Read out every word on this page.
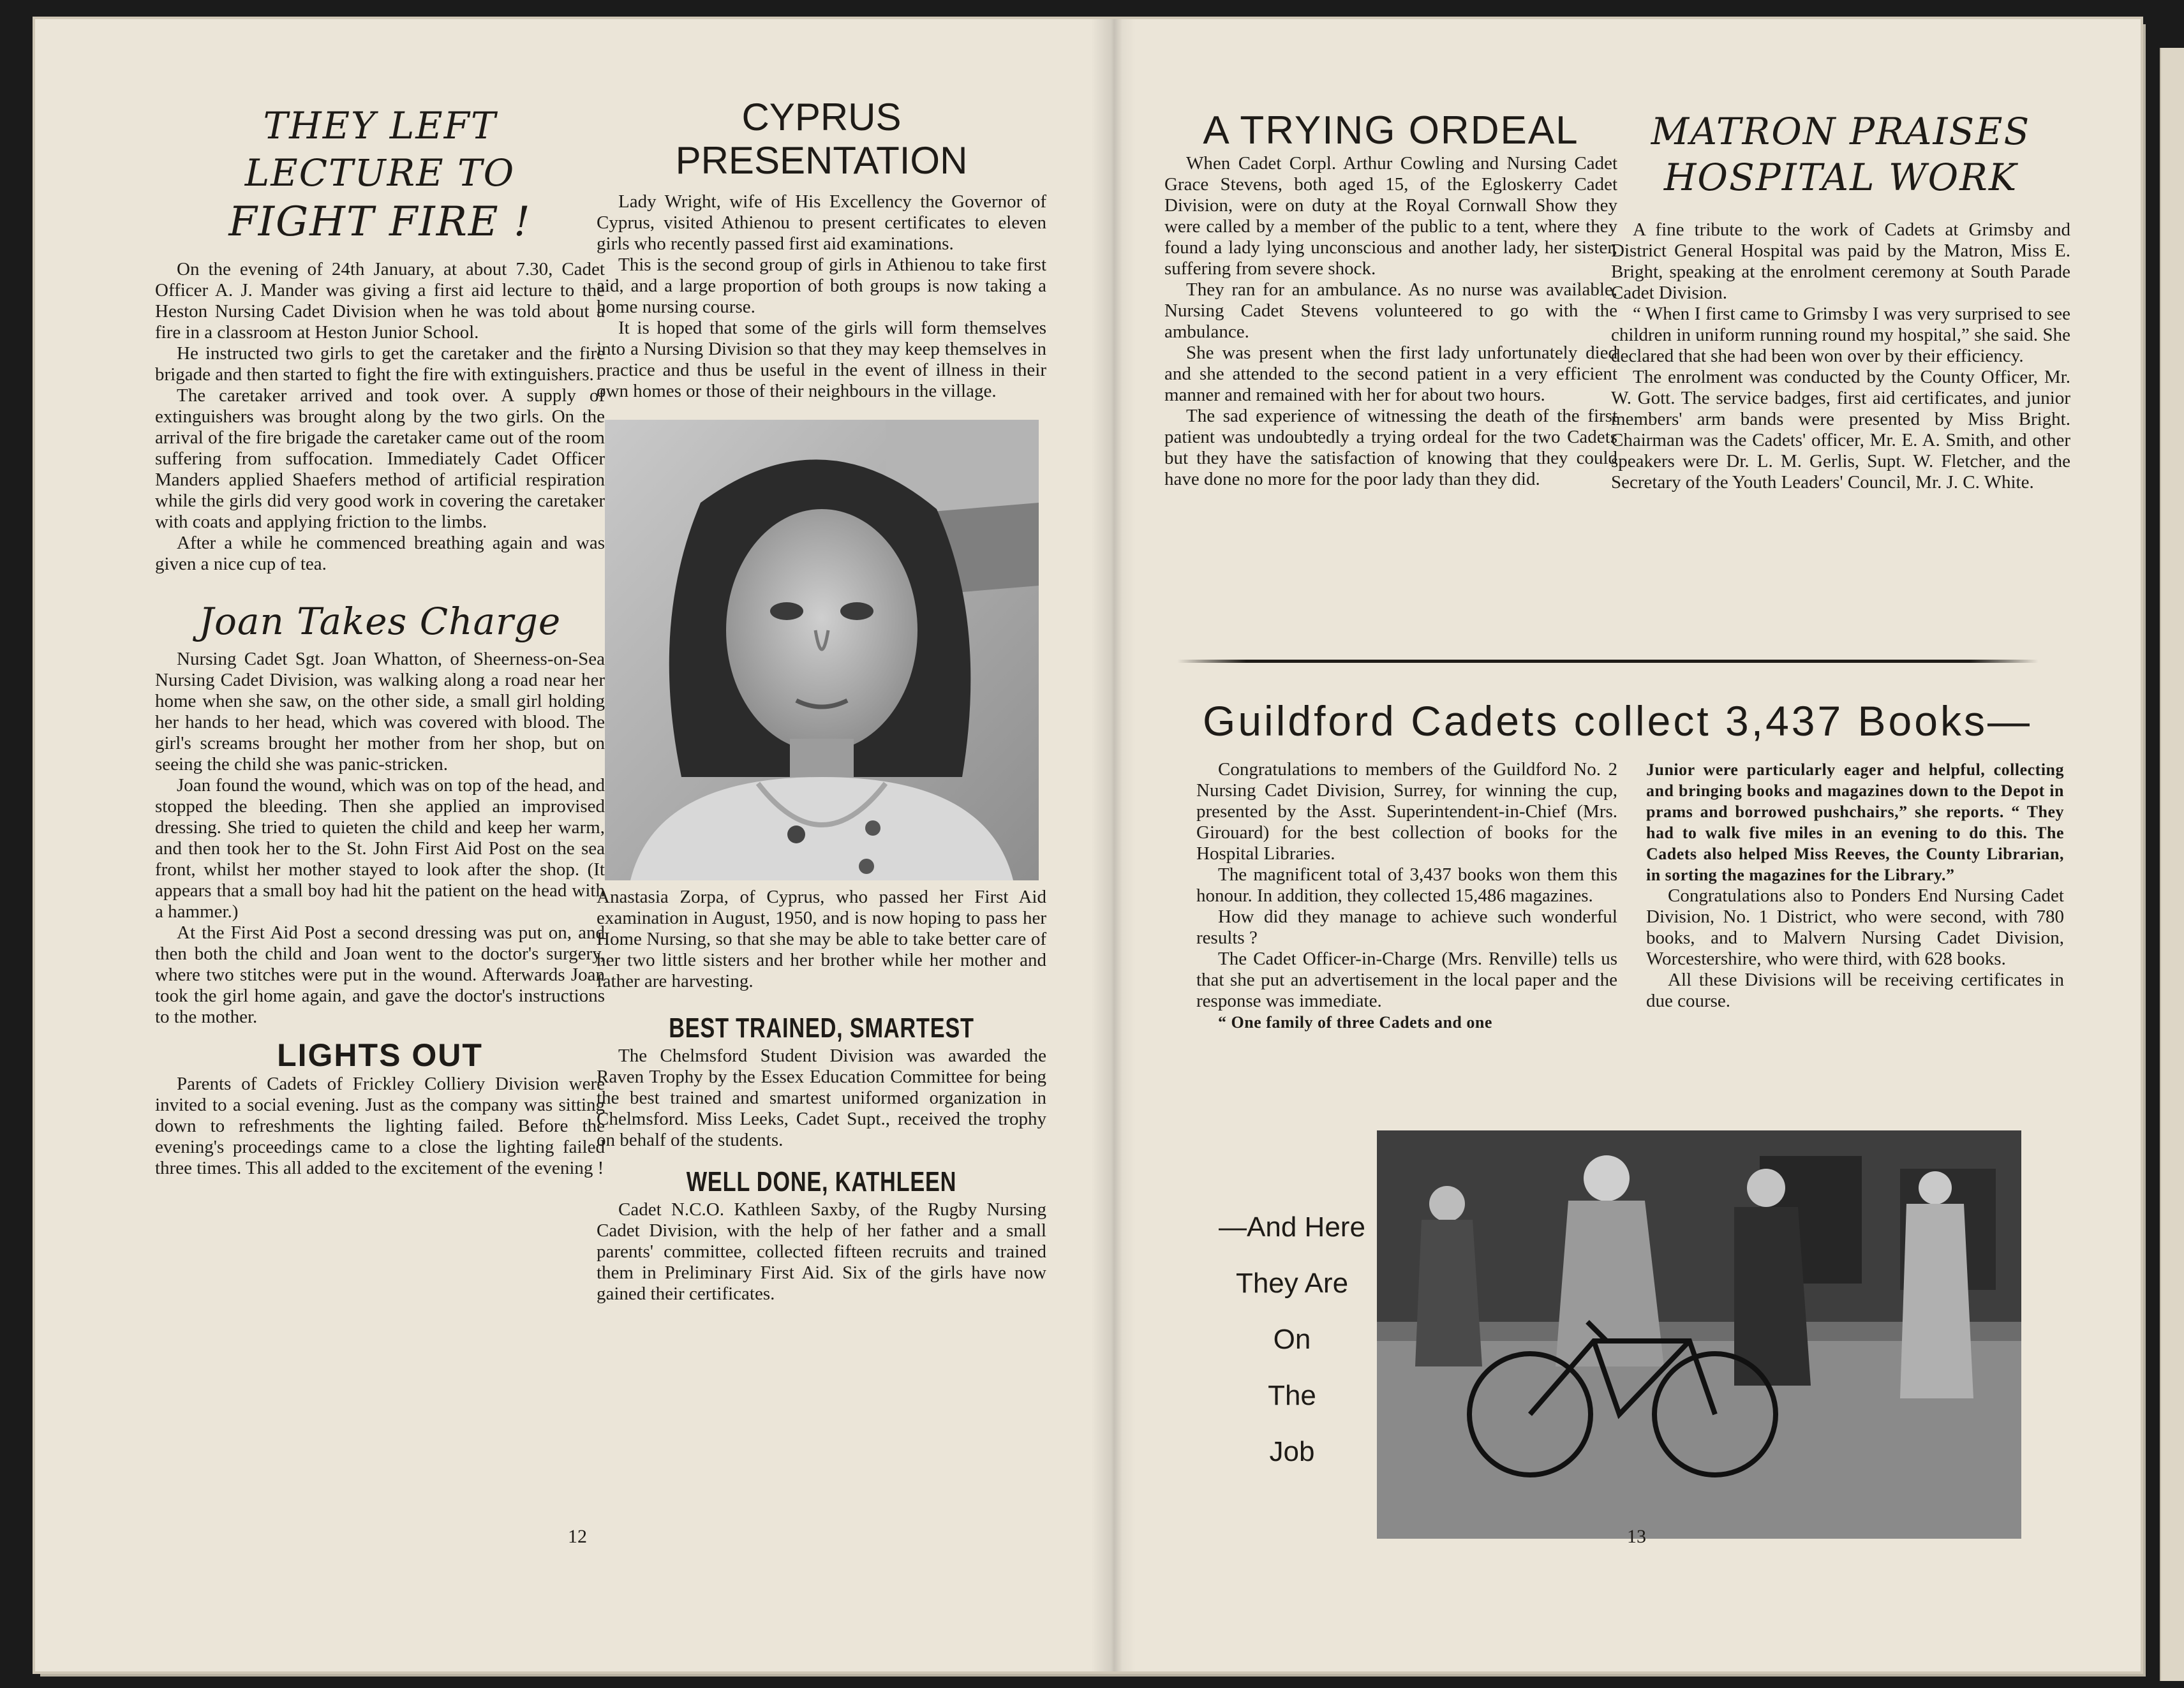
THEY LEFT
LECTURE TO
FIGHT FIRE !

On the evening of 24th January, at about 7.30, Cadet Officer A. J. Mander was giving a first aid lecture to the Heston Nursing Cadet Division when he was told about a fire in a classroom at Heston Junior School.

He instructed two girls to get the caretaker and the fire brigade and then started to fight the fire with extinguishers.

The caretaker arrived and took over. A supply of extinguishers was brought along by the two girls. On the arrival of the fire brigade the caretaker came out of the room suffering from suffocation. Immediately Cadet Officer Manders applied Shaefers method of artificial respiration while the girls did very good work in covering the caretaker with coats and applying friction to the limbs.

After a while he commenced breathing again and was given a nice cup of tea.

Joan Takes Charge

Nursing Cadet Sgt. Joan Whatton, of Sheerness-on-Sea Nursing Cadet Division, was walking along a road near her home when she saw, on the other side, a small girl holding her hands to her head, which was covered with blood. The girl's screams brought her mother from her shop, but on seeing the child she was panic-stricken.

Joan found the wound, which was on top of the head, and stopped the bleeding. Then she applied an improvised dressing. She tried to quieten the child and keep her warm, and then took her to the St. John First Aid Post on the sea front, whilst her mother stayed to look after the shop. (It appears that a small boy had hit the patient on the head with a hammer.)

At the First Aid Post a second dressing was put on, and then both the child and Joan went to the doctor's surgery, where two stitches were put in the wound. Afterwards Joan took the girl home again, and gave the doctor's instructions to the mother.

LIGHTS OUT

Parents of Cadets of Frickley Colliery Division were invited to a social evening. Just as the company was sitting down to refreshments the lighting failed. Before the evening's proceedings came to a close the lighting failed three times. This all added to the excitement of the evening !

CYPRUS
PRESENTATION

Lady Wright, wife of His Excellency the Governor of Cyprus, visited Athienou to present certificates to eleven girls who recently passed first aid examinations.

This is the second group of girls in Athienou to take first aid, and a large proportion of both groups is now taking a home nursing course.

It is hoped that some of the girls will form themselves into a Nursing Division so that they may keep themselves in practice and thus be useful in the event of illness in their own homes or those of their neighbours in the village.

Anastasia Zorpa, of Cyprus, who passed her First Aid examination in August, 1950, and is now hoping to pass her Home Nursing, so that she may be able to take better care of her two little sisters and her brother while her mother and father are harvesting.

BEST TRAINED, SMARTEST

The Chelmsford Student Division was awarded the Raven Trophy by the Essex Education Committee for being the best trained and smartest uniformed organization in Chelmsford. Miss Leeks, Cadet Supt., received the trophy on behalf of the students.

WELL DONE, KATHLEEN

Cadet N.C.O. Kathleen Saxby, of the Rugby Nursing Cadet Division, with the help of her father and a small parents' committee, collected fifteen recruits and trained them in Preliminary First Aid. Six of the girls have now gained their certificates.

12
A TRYING ORDEAL

When Cadet Corpl. Arthur Cowling and Nursing Cadet Grace Stevens, both aged 15, of the Egloskerry Cadet Division, were on duty at the Royal Cornwall Show they were called by a member of the public to a tent, where they found a lady lying unconscious and another lady, her sister, suffering from severe shock.

They ran for an ambulance. As no nurse was available, Nursing Cadet Stevens volunteered to go with the ambulance.

She was present when the first lady unfortunately died and she attended to the second patient in a very efficient manner and remained with her for about two hours.

The sad experience of witnessing the death of the first patient was undoubtedly a trying ordeal for the two Cadets but they have the satisfaction of knowing that they could have done no more for the poor lady than they did.

MATRON PRAISES
HOSPITAL WORK

A fine tribute to the work of Cadets at Grimsby and District General Hospital was paid by the Matron, Miss E. Bright, speaking at the enrolment ceremony at South Parade Cadet Division.

“ When I first came to Grimsby I was very surprised to see children in uniform running round my hospital,” she said. She declared that she had been won over by their efficiency.

The enrolment was conducted by the County Officer, Mr. W. Gott. The service badges, first aid certificates, and junior members' arm bands were presented by Miss Bright. Chairman was the Cadets' officer, Mr. E. A. Smith, and other speakers were Dr. L. M. Gerlis, Supt. W. Fletcher, and the Secretary of the Youth Leaders' Council, Mr. J. C. White.

Guildford Cadets collect 3,437 Books—

Congratulations to members of the Guildford No. 2 Nursing Cadet Division, Surrey, for winning the cup, presented by the Asst. Superintendent-in-Chief (Mrs. Girouard) for the best collection of books for the Hospital Libraries.

The magnificent total of 3,437 books won them this honour. In addition, they collected 15,486 magazines.

How did they manage to achieve such wonderful results ?

The Cadet Officer-in-Charge (Mrs. Renville) tells us that she put an advertisement in the local paper and the response was immediate.

“ One family of three Cadets and one

Junior were particularly eager and helpful, collecting and bringing books and magazines down to the Depot in prams and borrowed pushchairs,” she reports. “ They had to walk five miles in an evening to do this. The Cadets also helped Miss Reeves, the County Librarian, in sorting the magazines for the Library.”

Congratulations also to Ponders End Nursing Cadet Division, No. 1 District, who were second, with 780 books, and to Malvern Nursing Cadet Division, Worcestershire, who were third, with 628 books.

All these Divisions will be receiving certificates in due course.

—And Here
They Are
On
The
Job
13
